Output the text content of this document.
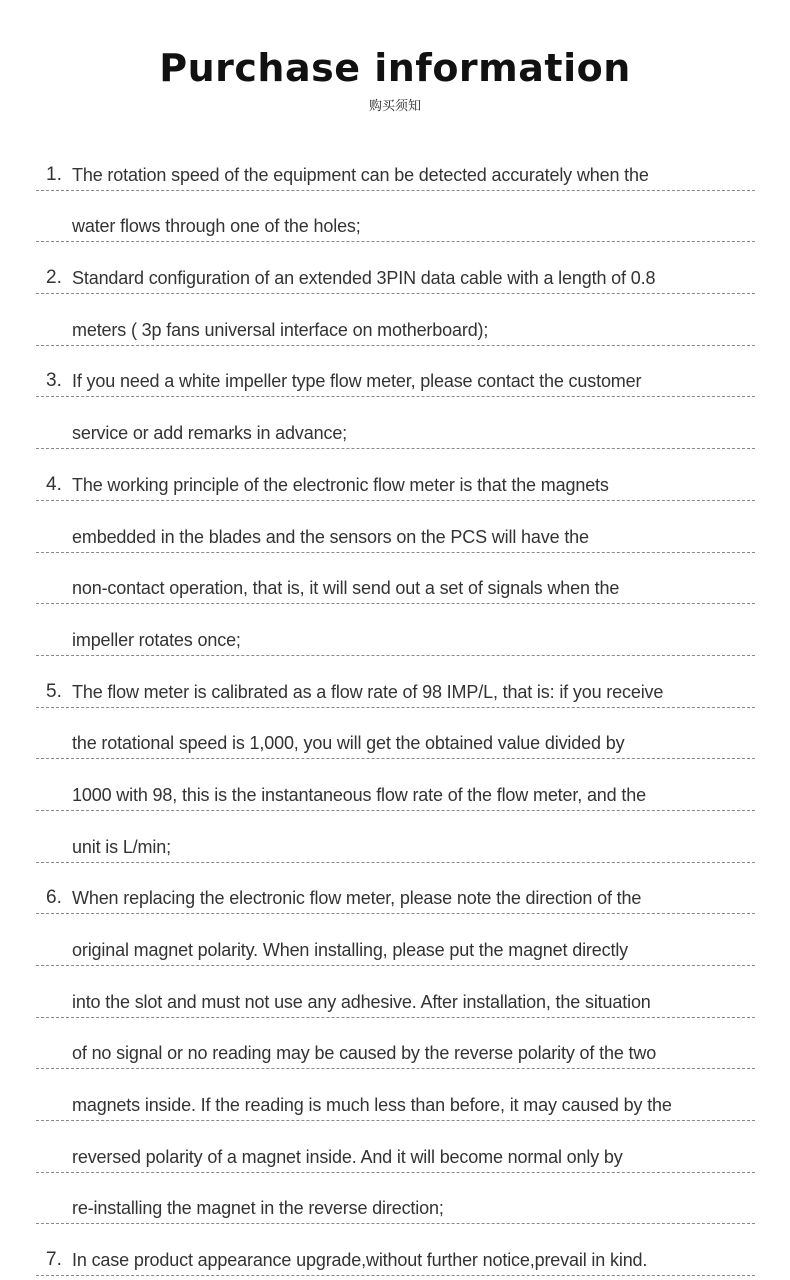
Purchase information
购买须知
1. The rotation speed of the equipment can be detected accurately when the
water flows through one of the holes;
2. Standard configuration of an extended 3PIN data cable with a length of 0.8
meters ( 3p fans universal interface on motherboard);
3. If you need a white impeller type flow meter, please contact the customer
service or add remarks in advance;
4. The working principle of the electronic flow meter is that the magnets
embedded in the blades and the sensors on the PCS will have the
non-contact operation, that is, it will send out a set of signals when the
impeller rotates once;
5. The flow meter is calibrated as a flow rate of 98 IMP/L, that is: if you receive
the rotational speed is 1,000, you will get the obtained value divided by
1000 with 98, this is the instantaneous flow rate of the flow meter, and the
unit is L/min;
6. When replacing the electronic flow meter, please note the direction of the
original magnet polarity. When installing, please put the magnet directly
into the slot and must not use any adhesive. After installation, the situation
of no signal or no reading may be caused by the reverse polarity of the two
magnets inside. If the reading is much less than before, it may caused by the
reversed polarity of a magnet inside. And it will become normal only by
re-installing the magnet in the reverse direction;
7. In case product appearance upgrade,without further notice,prevail in kind.
